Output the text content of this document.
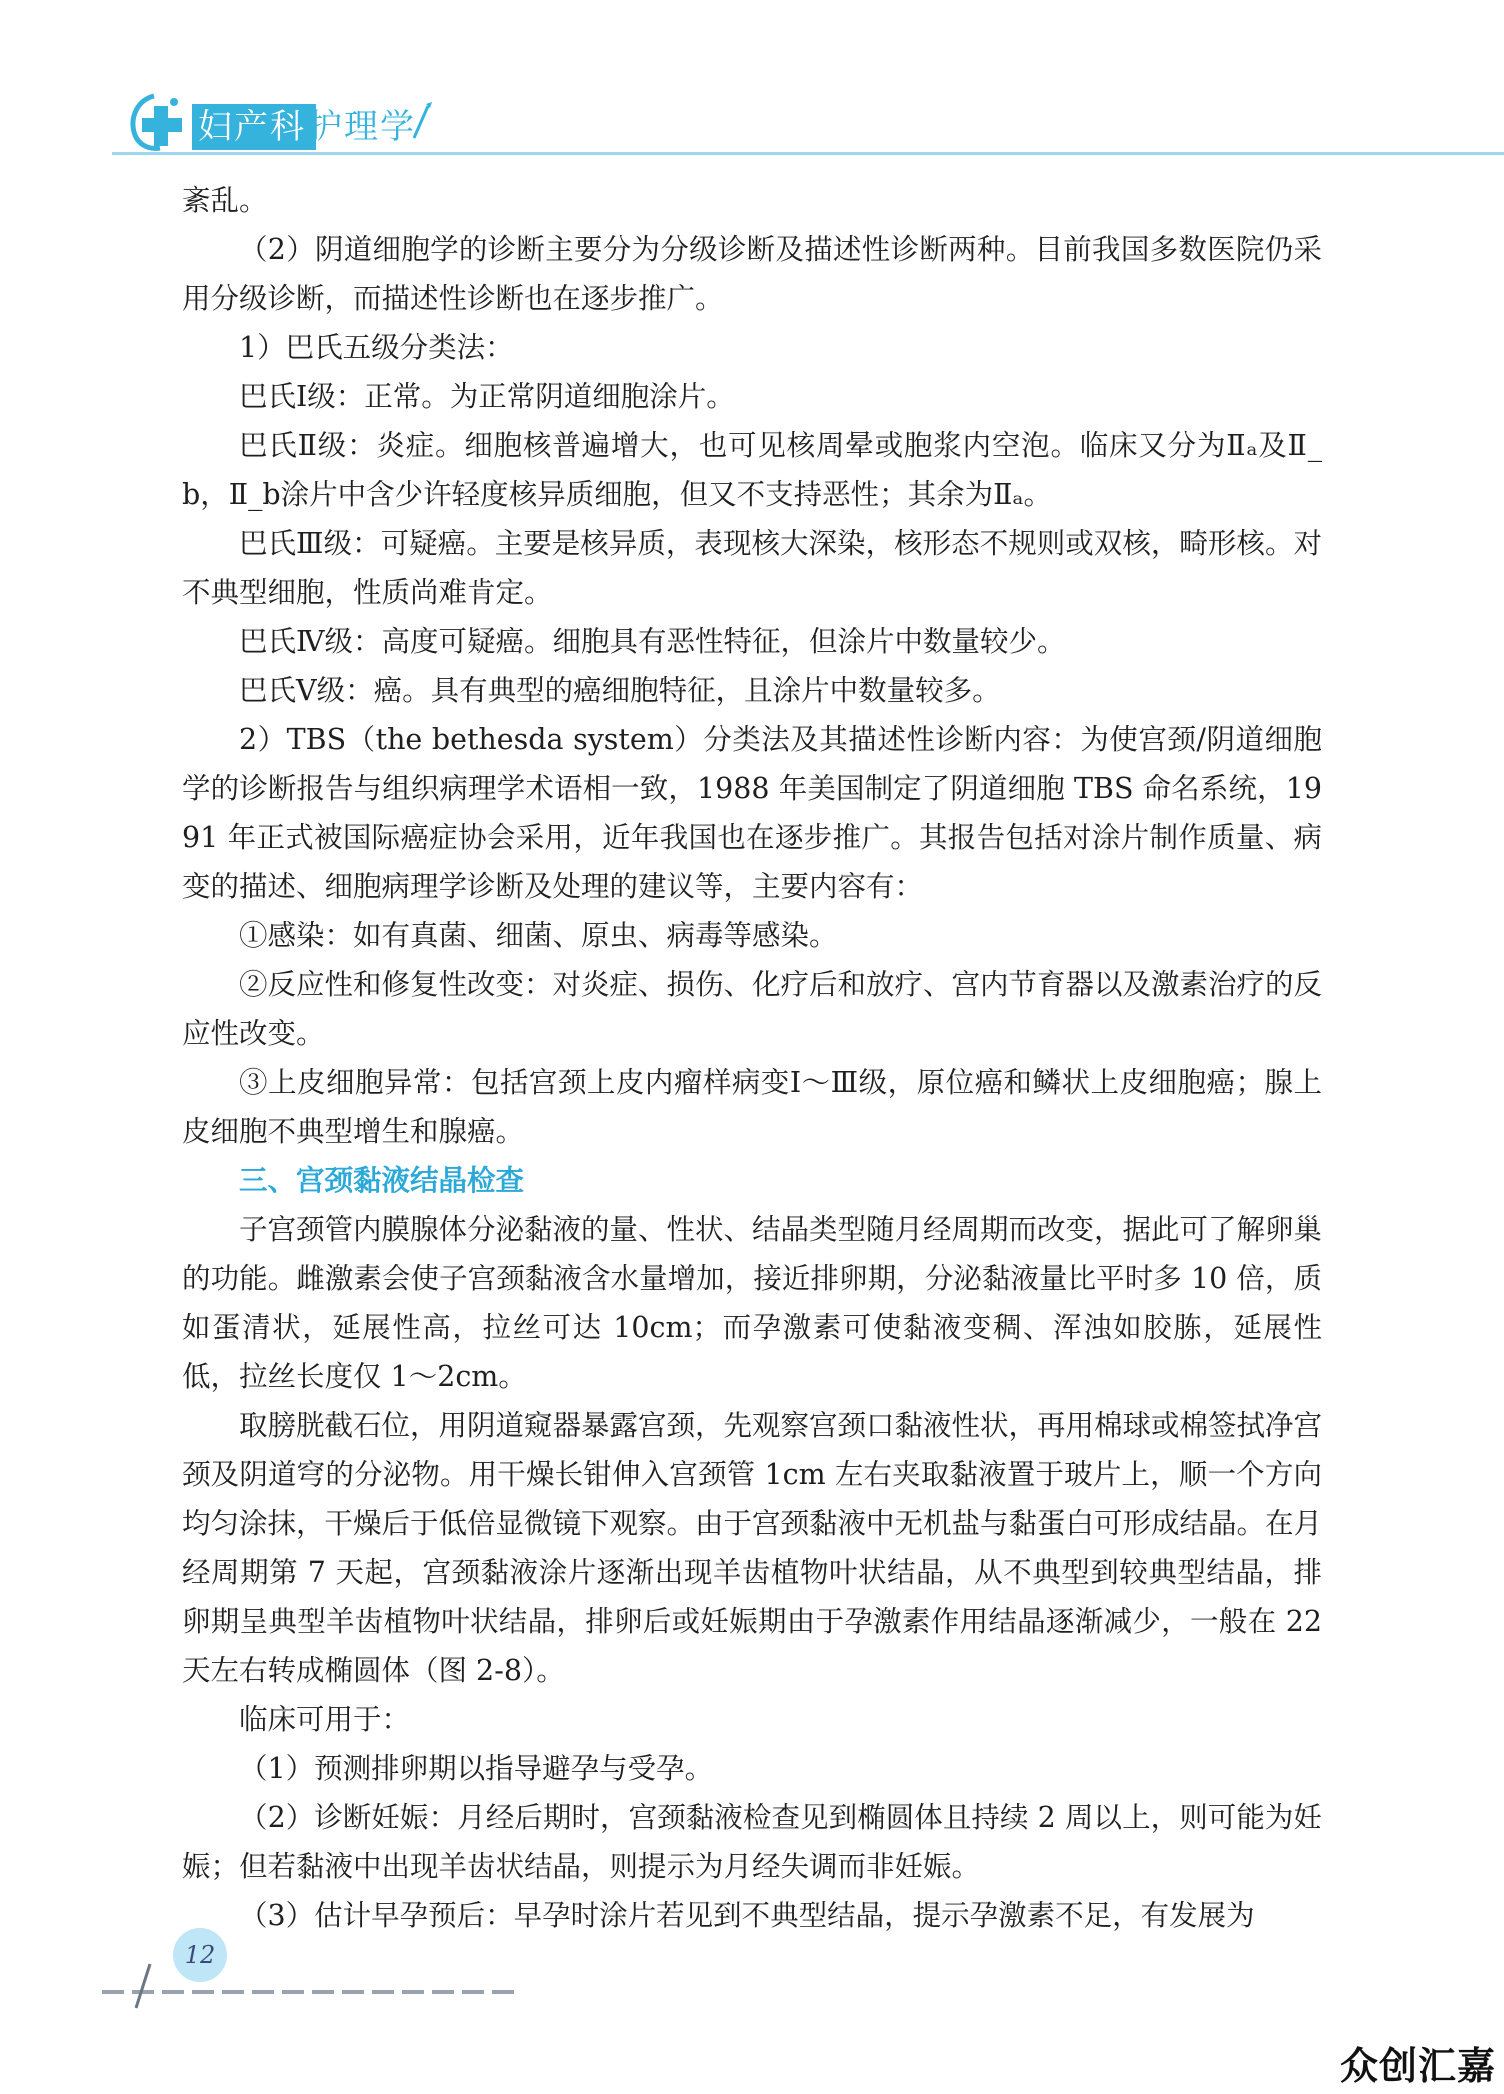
妇产科 护理学

紊乱。

（2）阴道细胞学的诊断主要分为分级诊断及描述性诊断两种。目前我国多数医院仍采用分级诊断，而描述性诊断也在逐步推广。

1）巴氏五级分类法：

巴氏Ⅰ级：正常。为正常阴道细胞涂片。

巴氏Ⅱ级：炎症。细胞核普遍增大，也可见核周晕或胞浆内空泡。临床又分为Ⅱₐ及Ⅱ_b，Ⅱ_b涂片中含少许轻度核异质细胞，但又不支持恶性；其余为Ⅱₐ。

巴氏Ⅲ级：可疑癌。主要是核异质，表现核大深染，核形态不规则或双核，畸形核。对不典型细胞，性质尚难肯定。

巴氏Ⅳ级：高度可疑癌。细胞具有恶性特征，但涂片中数量较少。

巴氏Ⅴ级：癌。具有典型的癌细胞特征，且涂片中数量较多。

2）TBS（the bethesda system）分类法及其描述性诊断内容：为使宫颈/阴道细胞学的诊断报告与组织病理学术语相一致，1988 年美国制定了阴道细胞 TBS 命名系统，1991 年正式被国际癌症协会采用，近年我国也在逐步推广。其报告包括对涂片制作质量、病变的描述、细胞病理学诊断及处理的建议等，主要内容有：

①感染：如有真菌、细菌、原虫、病毒等感染。

②反应性和修复性改变：对炎症、损伤、化疗后和放疗、宫内节育器以及激素治疗的反应性改变。

③上皮细胞异常：包括宫颈上皮内瘤样病变Ⅰ～Ⅲ级，原位癌和鳞状上皮细胞癌；腺上皮细胞不典型增生和腺癌。

三、宫颈黏液结晶检查

子宫颈管内膜腺体分泌黏液的量、性状、结晶类型随月经周期而改变，据此可了解卵巢的功能。雌激素会使子宫颈黏液含水量增加，接近排卵期，分泌黏液量比平时多 10 倍，质如蛋清状，延展性高，拉丝可达 10cm；而孕激素可使黏液变稠、浑浊如胶胨，延展性低，拉丝长度仅 1～2cm。

取膀胱截石位，用阴道窥器暴露宫颈，先观察宫颈口黏液性状，再用棉球或棉签拭净宫颈及阴道穹的分泌物。用干燥长钳伸入宫颈管 1cm 左右夹取黏液置于玻片上，顺一个方向均匀涂抹，干燥后于低倍显微镜下观察。由于宫颈黏液中无机盐与黏蛋白可形成结晶。在月经周期第 7 天起，宫颈黏液涂片逐渐出现羊齿植物叶状结晶，从不典型到较典型结晶，排卵期呈典型羊齿植物叶状结晶，排卵后或妊娠期由于孕激素作用结晶逐渐减少，一般在 22 天左右转成椭圆体（图 2-8）。

临床可用于：

（1）预测排卵期以指导避孕与受孕。

（2）诊断妊娠：月经后期时，宫颈黏液检查见到椭圆体且持续 2 周以上，则可能为妊娠；但若黏液中出现羊齿状结晶，则提示为月经失调而非妊娠。

（3）估计早孕预后：早孕时涂片若见到不典型结晶，提示孕激素不足，有发展为

12
众创汇嘉
